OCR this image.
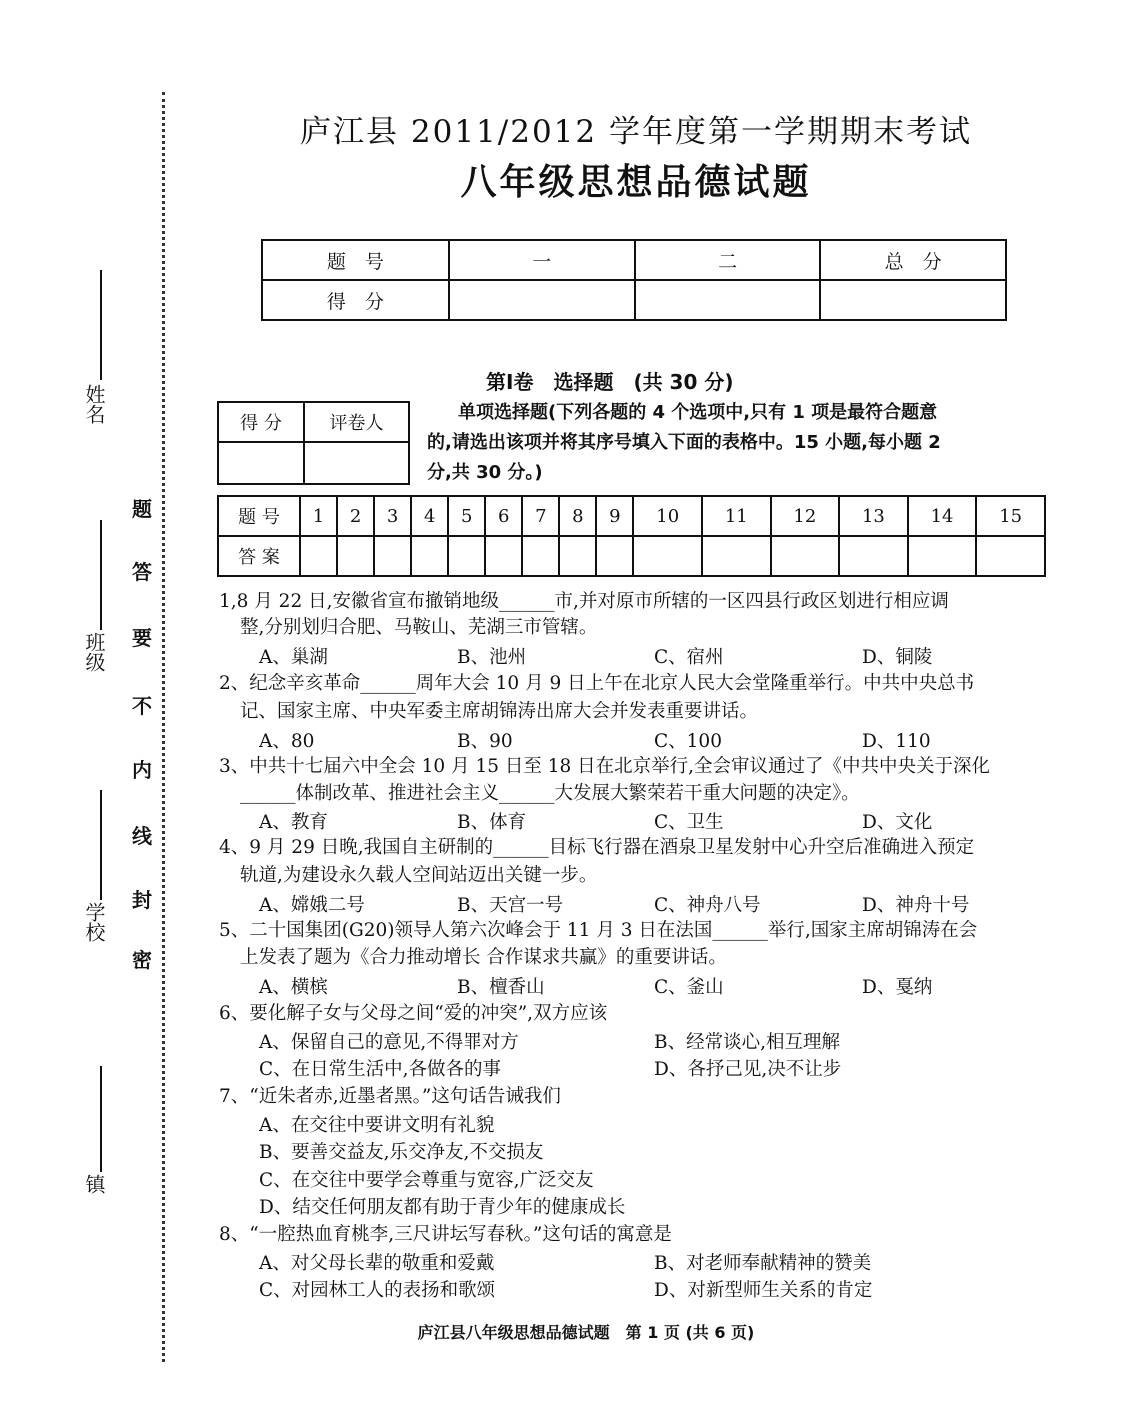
姓名
班级
学校
镇
题
答
要
不
内
线
封
密
庐江县 2011/2012 学年度第一学期期末考试
八年级思想品德试题
题　号	一	二	总　分
得　分			
第Ⅰ卷　选择题　(共 30 分)
得 分	评卷人

单项选择题(下列各题的 4 个选项中,只有 1 项是最符合题意
的,请选出该项并将其序号填入下面的表格中。15 小题,每小题 2
分,共 30 分。)
题 号	1	2	3	4	5	6	7	8	9	10	11	12	13	14	15
答 案															
1,8 月 22 日,安徽省宣布撤销地级______市,并对原市所辖的一区四县行政区划进行相应调
整,分别划归合肥、马鞍山、芜湖三市管辖。
A、巢湖	B、池州	C、宿州	D、铜陵
2、纪念辛亥革命______周年大会 10 月 9 日上午在北京人民大会堂隆重举行。中共中央总书
记、国家主席、中央军委主席胡锦涛出席大会并发表重要讲话。
A、80	B、90	C、100	D、110
3、中共十七届六中全会 10 月 15 日至 18 日在北京举行,全会审议通过了《中共中央关于深化
______体制改革、推进社会主义______大发展大繁荣若干重大问题的决定》。
A、教育	B、体育	C、卫生	D、文化
4、9 月 29 日晚,我国自主研制的______目标飞行器在酒泉卫星发射中心升空后准确进入预定
轨道,为建设永久载人空间站迈出关键一步。
A、嫦娥二号	B、天宫一号	C、神舟八号	D、神舟十号
5、二十国集团(G20)领导人第六次峰会于 11 月 3 日在法国______举行,国家主席胡锦涛在会
上发表了题为《合力推动增长 合作谋求共赢》的重要讲话。
A、横槟	B、檀香山	C、釜山	D、戛纳
6、要化解子女与父母之间“爱的冲突”,双方应该
A、保留自己的意见,不得罪对方	B、经常谈心,相互理解
C、在日常生活中,各做各的事	D、各抒己见,决不让步
7、“近朱者赤,近墨者黑。”这句话告诫我们
A、在交往中要讲文明有礼貌
B、要善交益友,乐交净友,不交损友
C、在交往中要学会尊重与宽容,广泛交友
D、结交任何朋友都有助于青少年的健康成长
8、“一腔热血育桃李,三尺讲坛写春秋。”这句话的寓意是
A、对父母长辈的敬重和爱戴	B、对老师奉献精神的赞美
C、对园林工人的表扬和歌颂	D、对新型师生关系的肯定
庐江县八年级思想品德试题　第 1 页 (共 6 页)
